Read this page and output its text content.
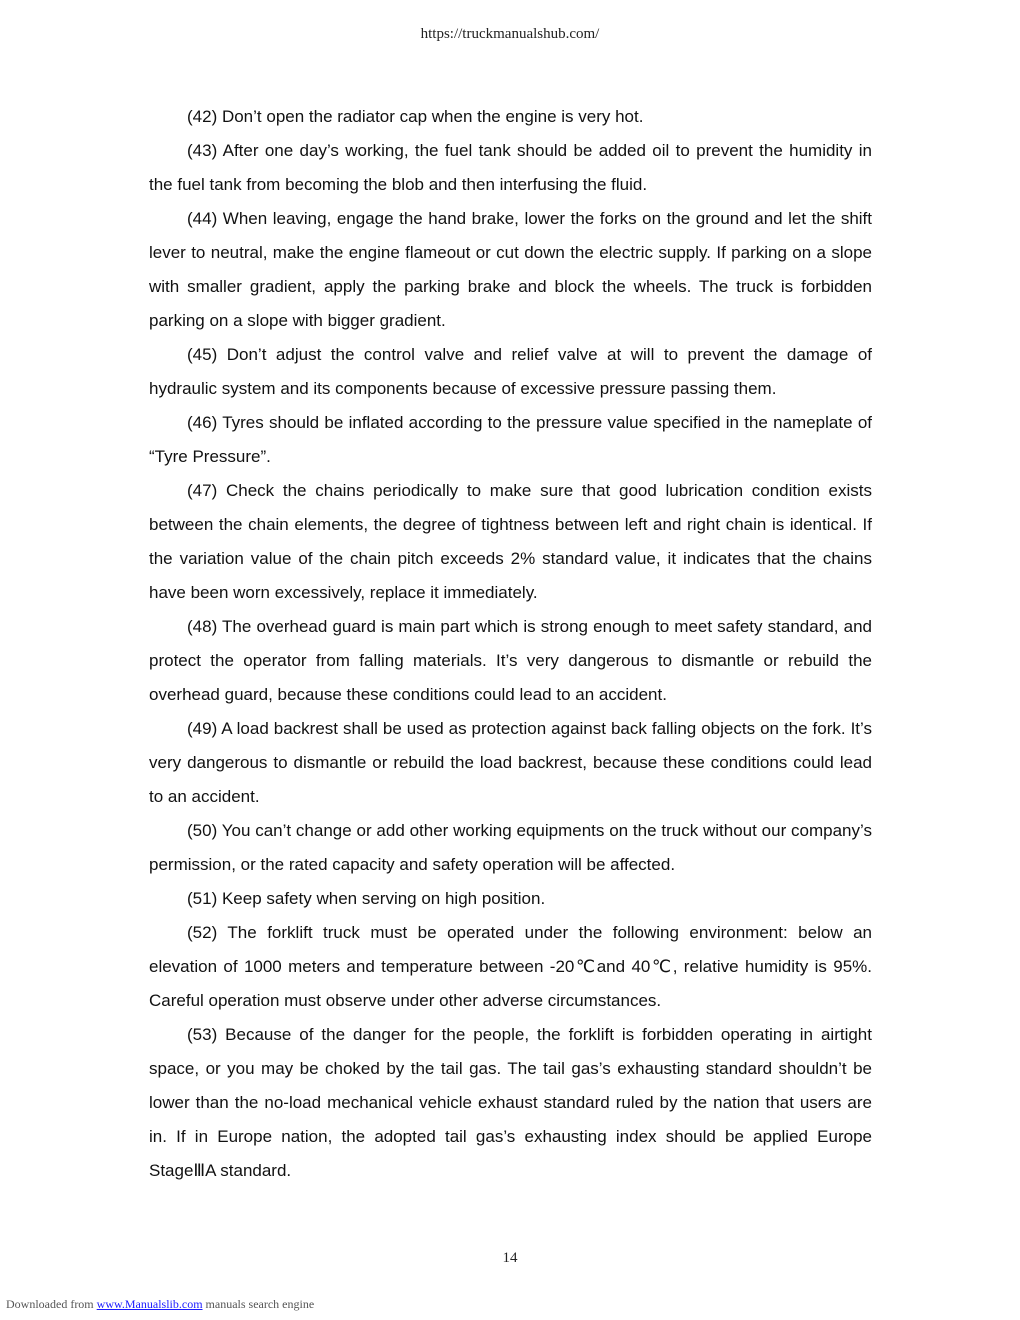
https://truckmanualshub.com/

(42) Don’t open the radiator cap when the engine is very hot.

(43) After one day’s working, the fuel tank should be added oil to prevent the humidity in the fuel tank from becoming the blob and then interfusing the fluid.

(44) When leaving, engage the hand brake, lower the forks on the ground and let the shift lever to neutral, make the engine flameout or cut down the electric supply. If parking on a slope with smaller gradient, apply the parking brake and block the wheels. The truck is forbidden parking on a slope with bigger gradient.

(45) Don’t adjust the control valve and relief valve at will to prevent the damage of hydraulic system and its components because of excessive pressure passing them.

(46) Tyres should be inflated according to the pressure value specified in the nameplate of “Tyre Pressure”.

(47) Check the chains periodically to make sure that good lubrication condition exists between the chain elements, the degree of tightness between left and right chain is identical. If the variation value of the chain pitch exceeds 2% standard value, it indicates that the chains have been worn excessively, replace it immediately.

(48) The overhead guard is main part which is strong enough to meet safety standard, and protect the operator from falling materials. It’s very dangerous to dismantle or rebuild the overhead guard, because these conditions could lead to an accident.

(49) A load backrest shall be used as protection against back falling objects on the fork. It’s very dangerous to dismantle or rebuild the load backrest, because these conditions could lead to an accident.

(50) You can’t change or add other working equipments on the truck without our company’s permission, or the rated capacity and safety operation will be affected.

(51) Keep safety when serving on high position.

(52) The forklift truck must be operated under the following environment: below an elevation of 1000 meters and temperature between -20℃and 40℃, relative humidity is 95%. Careful operation must observe under other adverse circumstances.

(53) Because of the danger for the people, the forklift is forbidden operating in airtight space, or you may be choked by the tail gas. The tail gas’s exhausting standard shouldn’t be lower than the no-load mechanical vehicle exhaust standard ruled by the nation that users are in. If in Europe nation, the adopted tail gas’s exhausting index should be applied Europe StageⅢA standard.

14
Downloaded from www.Manualslib.com manuals search engine
